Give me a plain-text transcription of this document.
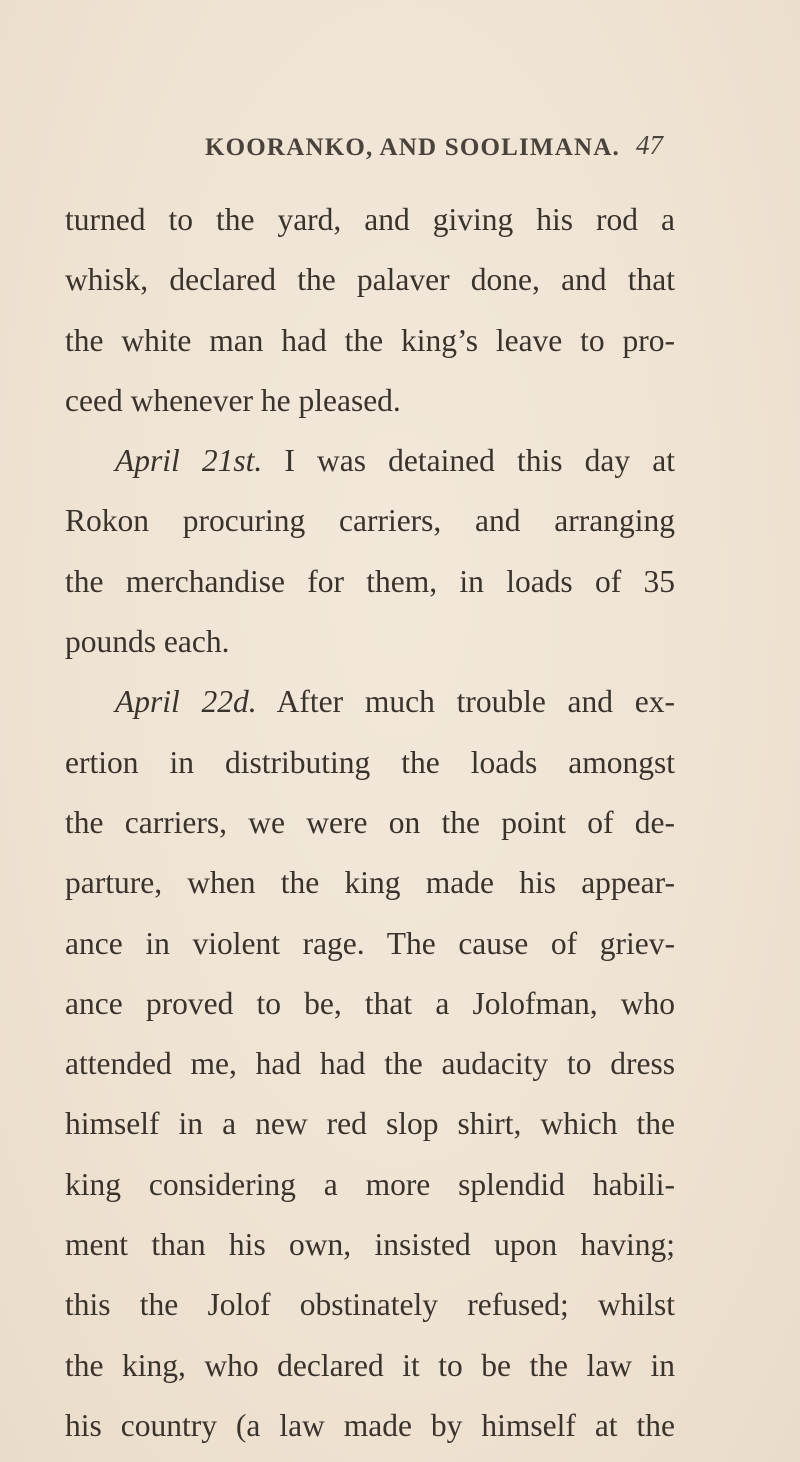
KOORANKO, AND SOOLIMANA. 47
turned to the yard, and giving his rod a
whisk, declared the palaver done, and that
the white man had the king’s leave to pro-
ceed whenever he pleased.
April 21st. I was detained this day at
Rokon procuring carriers, and arranging
the merchandise for them, in loads of 35
pounds each.
April 22d. After much trouble and ex-
ertion in distributing the loads amongst
the carriers, we were on the point of de-
parture, when the king made his appear-
ance in violent rage. The cause of griev-
ance proved to be, that a Jolofman, who
attended me, had had the audacity to dress
himself in a new red slop shirt, which the
king considering a more splendid habili-
ment than his own, insisted upon having;
this the Jolof obstinately refused; whilst
the king, who declared it to be the law in
his country (a law made by himself at the
